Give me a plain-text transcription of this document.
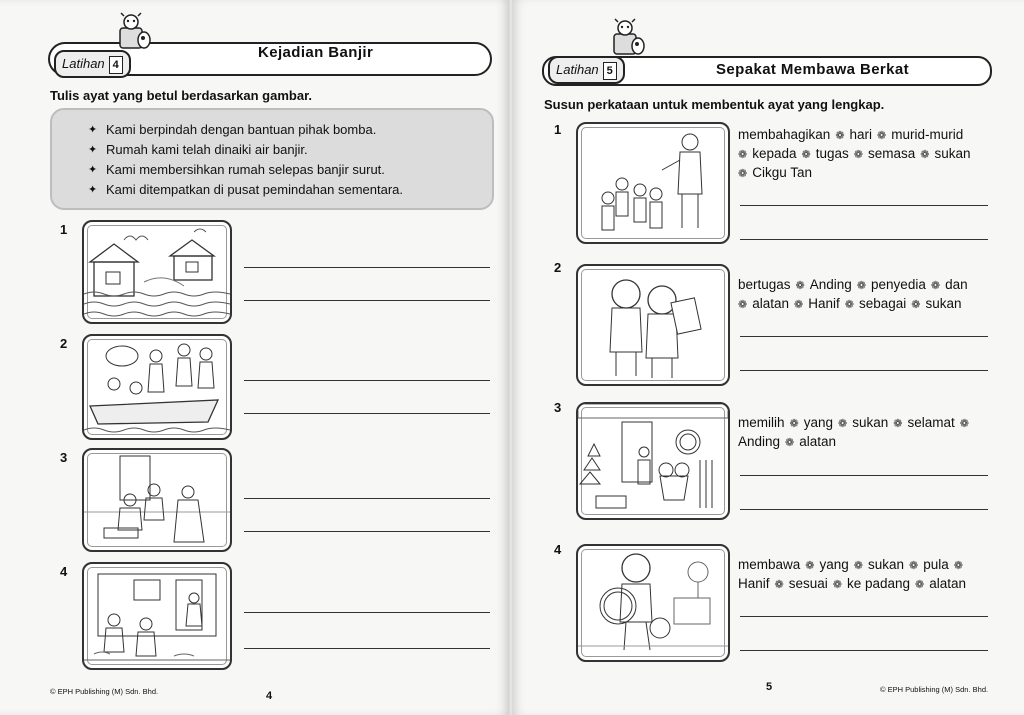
Latihan 4
Kejadian Banjir
Tulis ayat yang betul berdasarkan gambar.
✦ Kami berpindah dengan bantuan pihak bomba.
✦ Rumah kami telah dinaiki air banjir.
✦ Kami membersihkan rumah selepas banjir surut.
✦ Kami ditempatkan di pusat pemindahan sementara.
1
2
3
4
© EPH Publishing (M) Sdn. Bhd.	4
Latihan 5	Sepakat Membawa Berkat
Susun perkataan untuk membentuk ayat yang lengkap.
1	membahagikan ❁ hari ❁ murid-murid
❁ kepada ❁ tugas ❁ semasa ❁ sukan
❁ Cikgu Tan
2
bertugas ❁ Anding ❁ penyedia ❁ dan
❁ alatan ❁ Hanif ❁ sebagai ❁ sukan
3
memilih ❁ yang ❁ sukan ❁ selamat ❁
Anding ❁ alatan
4
membawa ❁ yang ❁ sukan ❁ pula ❁
Hanif ❁ sesuai ❁ ke padang ❁ alatan
5	© EPH Publishing (M) Sdn. Bhd.
